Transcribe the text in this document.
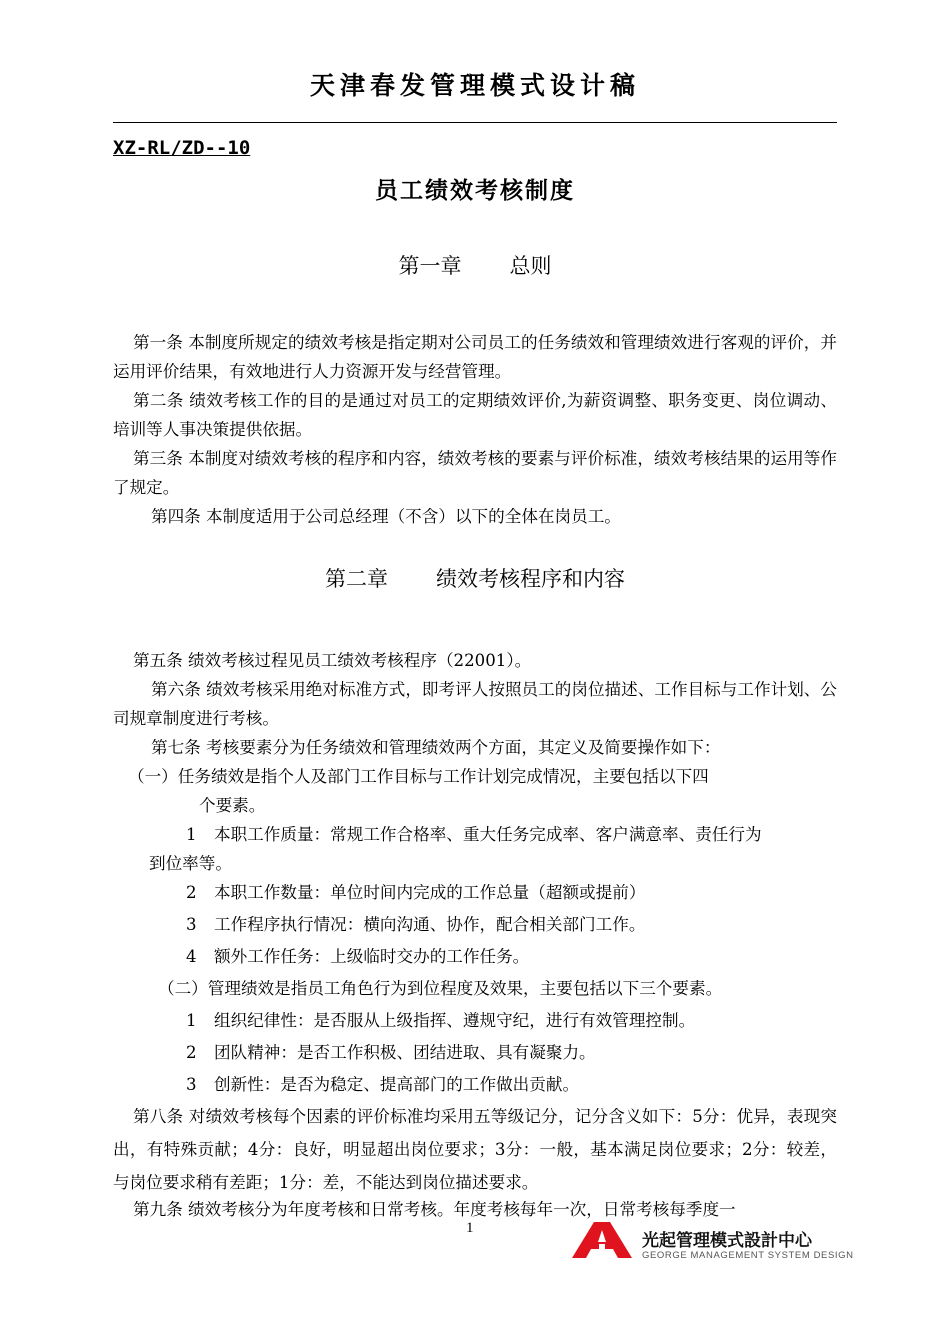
天津春发管理模式设计稿
XZ-RL/ZD--10
员工绩效考核制度
第一章 总则
第一条 本制度所规定的绩效考核是指定期对公司员工的任务绩效和管理绩效进行客观的评价，并运用评价结果，有效地进行人力资源开发与经营管理。
第二条 绩效考核工作的目的是通过对员工的定期绩效评价,为薪资调整、职务变更、岗位调动、培训等人事决策提供依据。
第三条 本制度对绩效考核的程序和内容，绩效考核的要素与评价标准，绩效考核结果的运用等作了规定。
第四条 本制度适用于公司总经理（不含）以下的全体在岗员工。
第二章 绩效考核程序和内容
第五条 绩效考核过程见员工绩效考核程序（22001）。
第六条 绩效考核采用绝对标准方式，即考评人按照员工的岗位描述、工作目标与工作计划、公司规章制度进行考核。
第七条 考核要素分为任务绩效和管理绩效两个方面，其定义及简要操作如下：
（一）任务绩效是指个人及部门工作目标与工作计划完成情况，主要包括以下四
个要素。
1 本职工作质量：常规工作合格率、重大任务完成率、客户满意率、责任行为
到位率等。
2 本职工作数量：单位时间内完成的工作总量（超额或提前）
3 工作程序执行情况：横向沟通、协作，配合相关部门工作。
4 额外工作任务：上级临时交办的工作任务。
（二）管理绩效是指员工角色行为到位程度及效果，主要包括以下三个要素。
1 组织纪律性：是否服从上级指挥、遵规守纪，进行有效管理控制。
2 团队精神：是否工作积极、团结进取、具有凝聚力。
3 创新性：是否为稳定、提高部门的工作做出贡献。
第八条 对绩效考核每个因素的评价标准均采用五等级记分，记分含义如下：5分：优异，表现突出，有特殊贡献；4分：良好，明显超出岗位要求；3分：一般，基本满足岗位要求；2分：较差，与岗位要求稍有差距；1分：差，不能达到岗位描述要求。
第九条 绩效考核分为年度考核和日常考核。年度考核每年一次，日常考核每季度一
1
光起管理模式設計中心
GEORGE MANAGEMENT SYSTEM DESIGN
